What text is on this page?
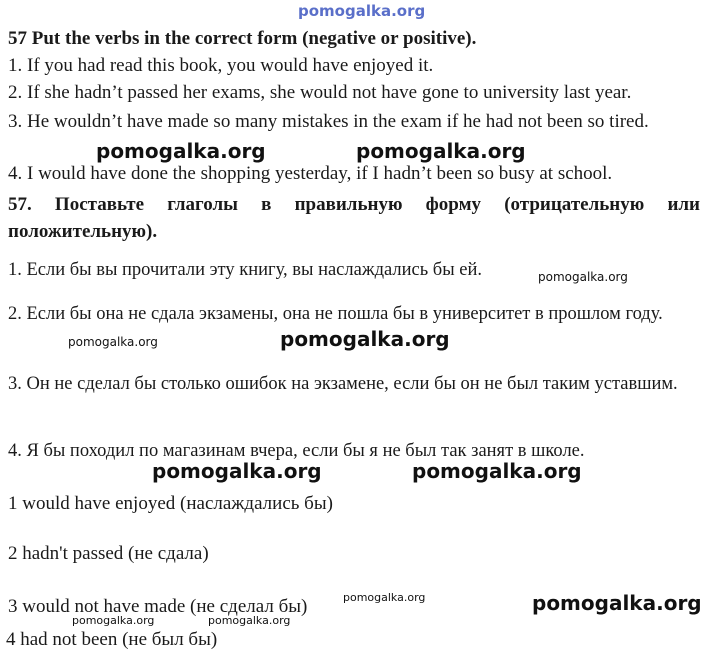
pomogalka.org
pomogalka.org	pomogalka.org
pomogalka.org
pomogalka.org	pomogalka.org
pomogalka.org	pomogalka.org
pomogalka.org	pomogalka.org
pomogalka.org	pomogalka.org
57 Put the verbs in the correct form (negative or positive).
1. If you had read this book, you would have enjoyed it.
2. If she hadn’t passed her exams, she would not have gone to university last year.
3. He wouldn’t have made so many mistakes in the exam if he had not been so tired.
4. I would have done the shopping yesterday, if I hadn’t been so busy at school.
57. Поставьте глаголы в правильную форму (отрицательную или положительную).
1. Если бы вы прочитали эту книгу, вы наслаждались бы ей.
2. Если бы она не сдала экзамены, она не пошла бы в университет в прошлом году.
3. Он не сделал бы столько ошибок на экзамене, если бы он не был таким уставшим.
4. Я бы походил по магазинам вчера, если бы я не был так занят в школе.
1 would have enjoyed (наслаждались бы)
2 hadn't passed (не сдала)
3 would not have made (не сделал бы)
4 had not been (не был бы)
